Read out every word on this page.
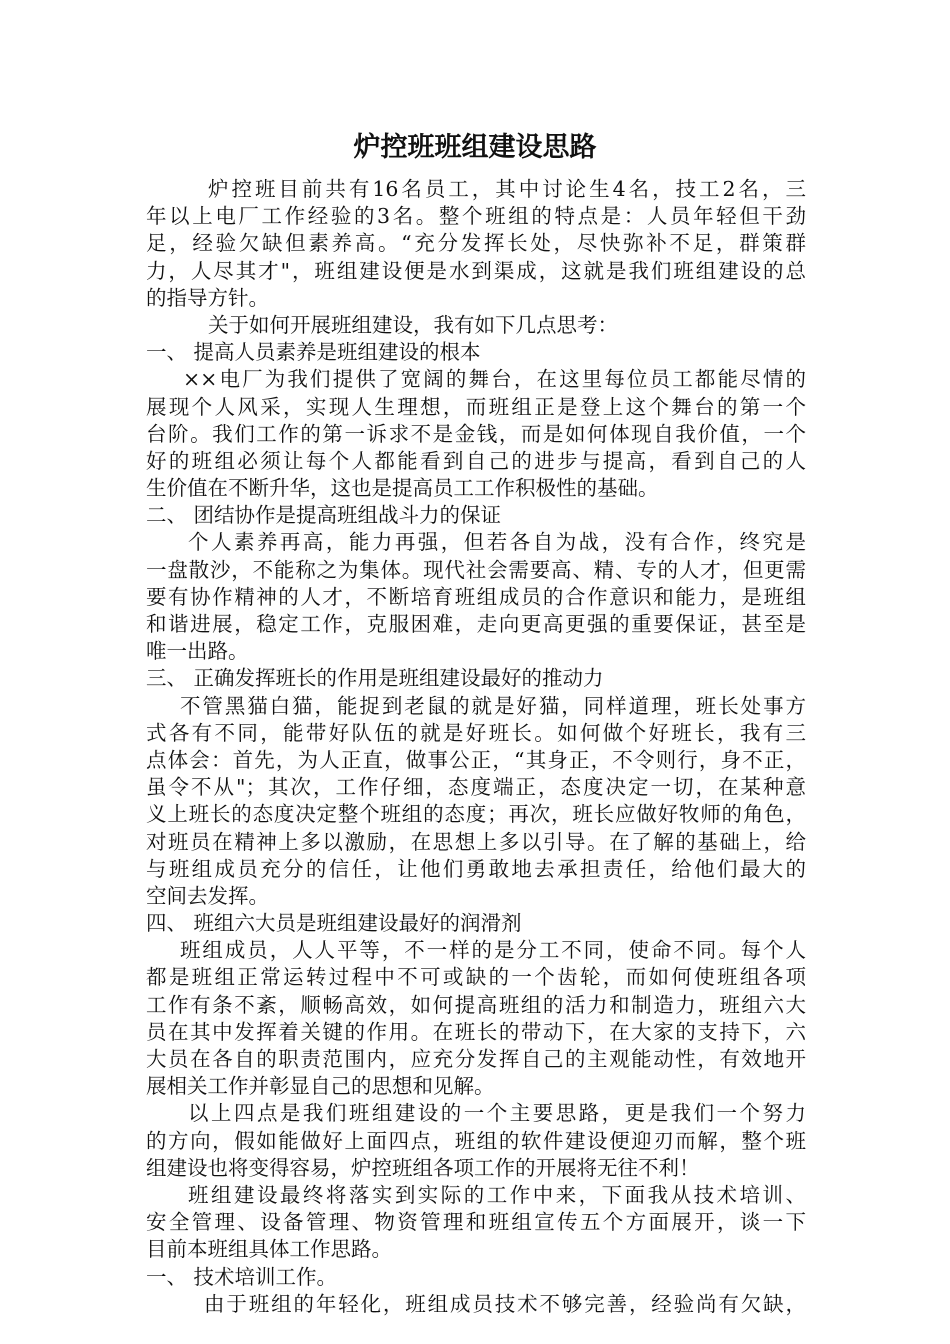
炉控班班组建设思路
炉控班目前共有16名员工，其中讨论生4名，技工2名，三
年以上电厂工作经验的3名。整个班组的特点是：人员年轻但干劲
足，经验欠缺但素养高。“充分发挥长处，尽快弥补不足，群策群
力，人尽其才"，班组建设便是水到渠成，这就是我们班组建设的总
的指导方针。
关于如何开展班组建设，我有如下几点思考：
一、 提高人员素养是班组建设的根本
××电厂为我们提供了宽阔的舞台，在这里每位员工都能尽情的
展现个人风采，实现人生理想，而班组正是登上这个舞台的第一个
台阶。我们工作的第一诉求不是金钱，而是如何体现自我价值，一个
好的班组必须让每个人都能看到自己的进步与提高，看到自己的人
生价值在不断升华，这也是提高员工工作积极性的基础。
二、 团结协作是提高班组战斗力的保证
个人素养再高，能力再强，但若各自为战，没有合作，终究是
一盘散沙，不能称之为集体。现代社会需要高、精、专的人才，但更需
要有协作精神的人才，不断培育班组成员的合作意识和能力，是班组
和谐进展，稳定工作，克服困难，走向更高更强的重要保证，甚至是
唯一出路。
三、 正确发挥班长的作用是班组建设最好的推动力
不管黑猫白猫，能捉到老鼠的就是好猫，同样道理，班长处事方
式各有不同，能带好队伍的就是好班长。如何做个好班长，我有三
点体会：首先，为人正直，做事公正，“其身正，不令则行，身不正，
虽令不从"；其次，工作仔细，态度端正，态度决定一切，在某种意
义上班长的态度决定整个班组的态度；再次，班长应做好牧师的角色，
对班员在精神上多以激励，在思想上多以引导。在了解的基础上，给
与班组成员充分的信任，让他们勇敢地去承担责任，给他们最大的
空间去发挥。
四、 班组六大员是班组建设最好的润滑剂
班组成员，人人平等，不一样的是分工不同，使命不同。每个人
都是班组正常运转过程中不可或缺的一个齿轮，而如何使班组各项
工作有条不紊，顺畅高效，如何提高班组的活力和制造力，班组六大
员在其中发挥着关键的作用。在班长的带动下，在大家的支持下，六
大员在各自的职责范围内，应充分发挥自己的主观能动性，有效地开
展相关工作并彰显自己的思想和见解。
以上四点是我们班组建设的一个主要思路，更是我们一个努力
的方向，假如能做好上面四点，班组的软件建设便迎刃而解，整个班
组建设也将变得容易，炉控班组各项工作的开展将无往不利！
班组建设最终将落实到实际的工作中来，下面我从技术培训、
安全管理、设备管理、物资管理和班组宣传五个方面展开，谈一下
目前本班组具体工作思路。
一、 技术培训工作。
由于班组的年轻化，班组成员技术不够完善，经验尚有欠缺，
